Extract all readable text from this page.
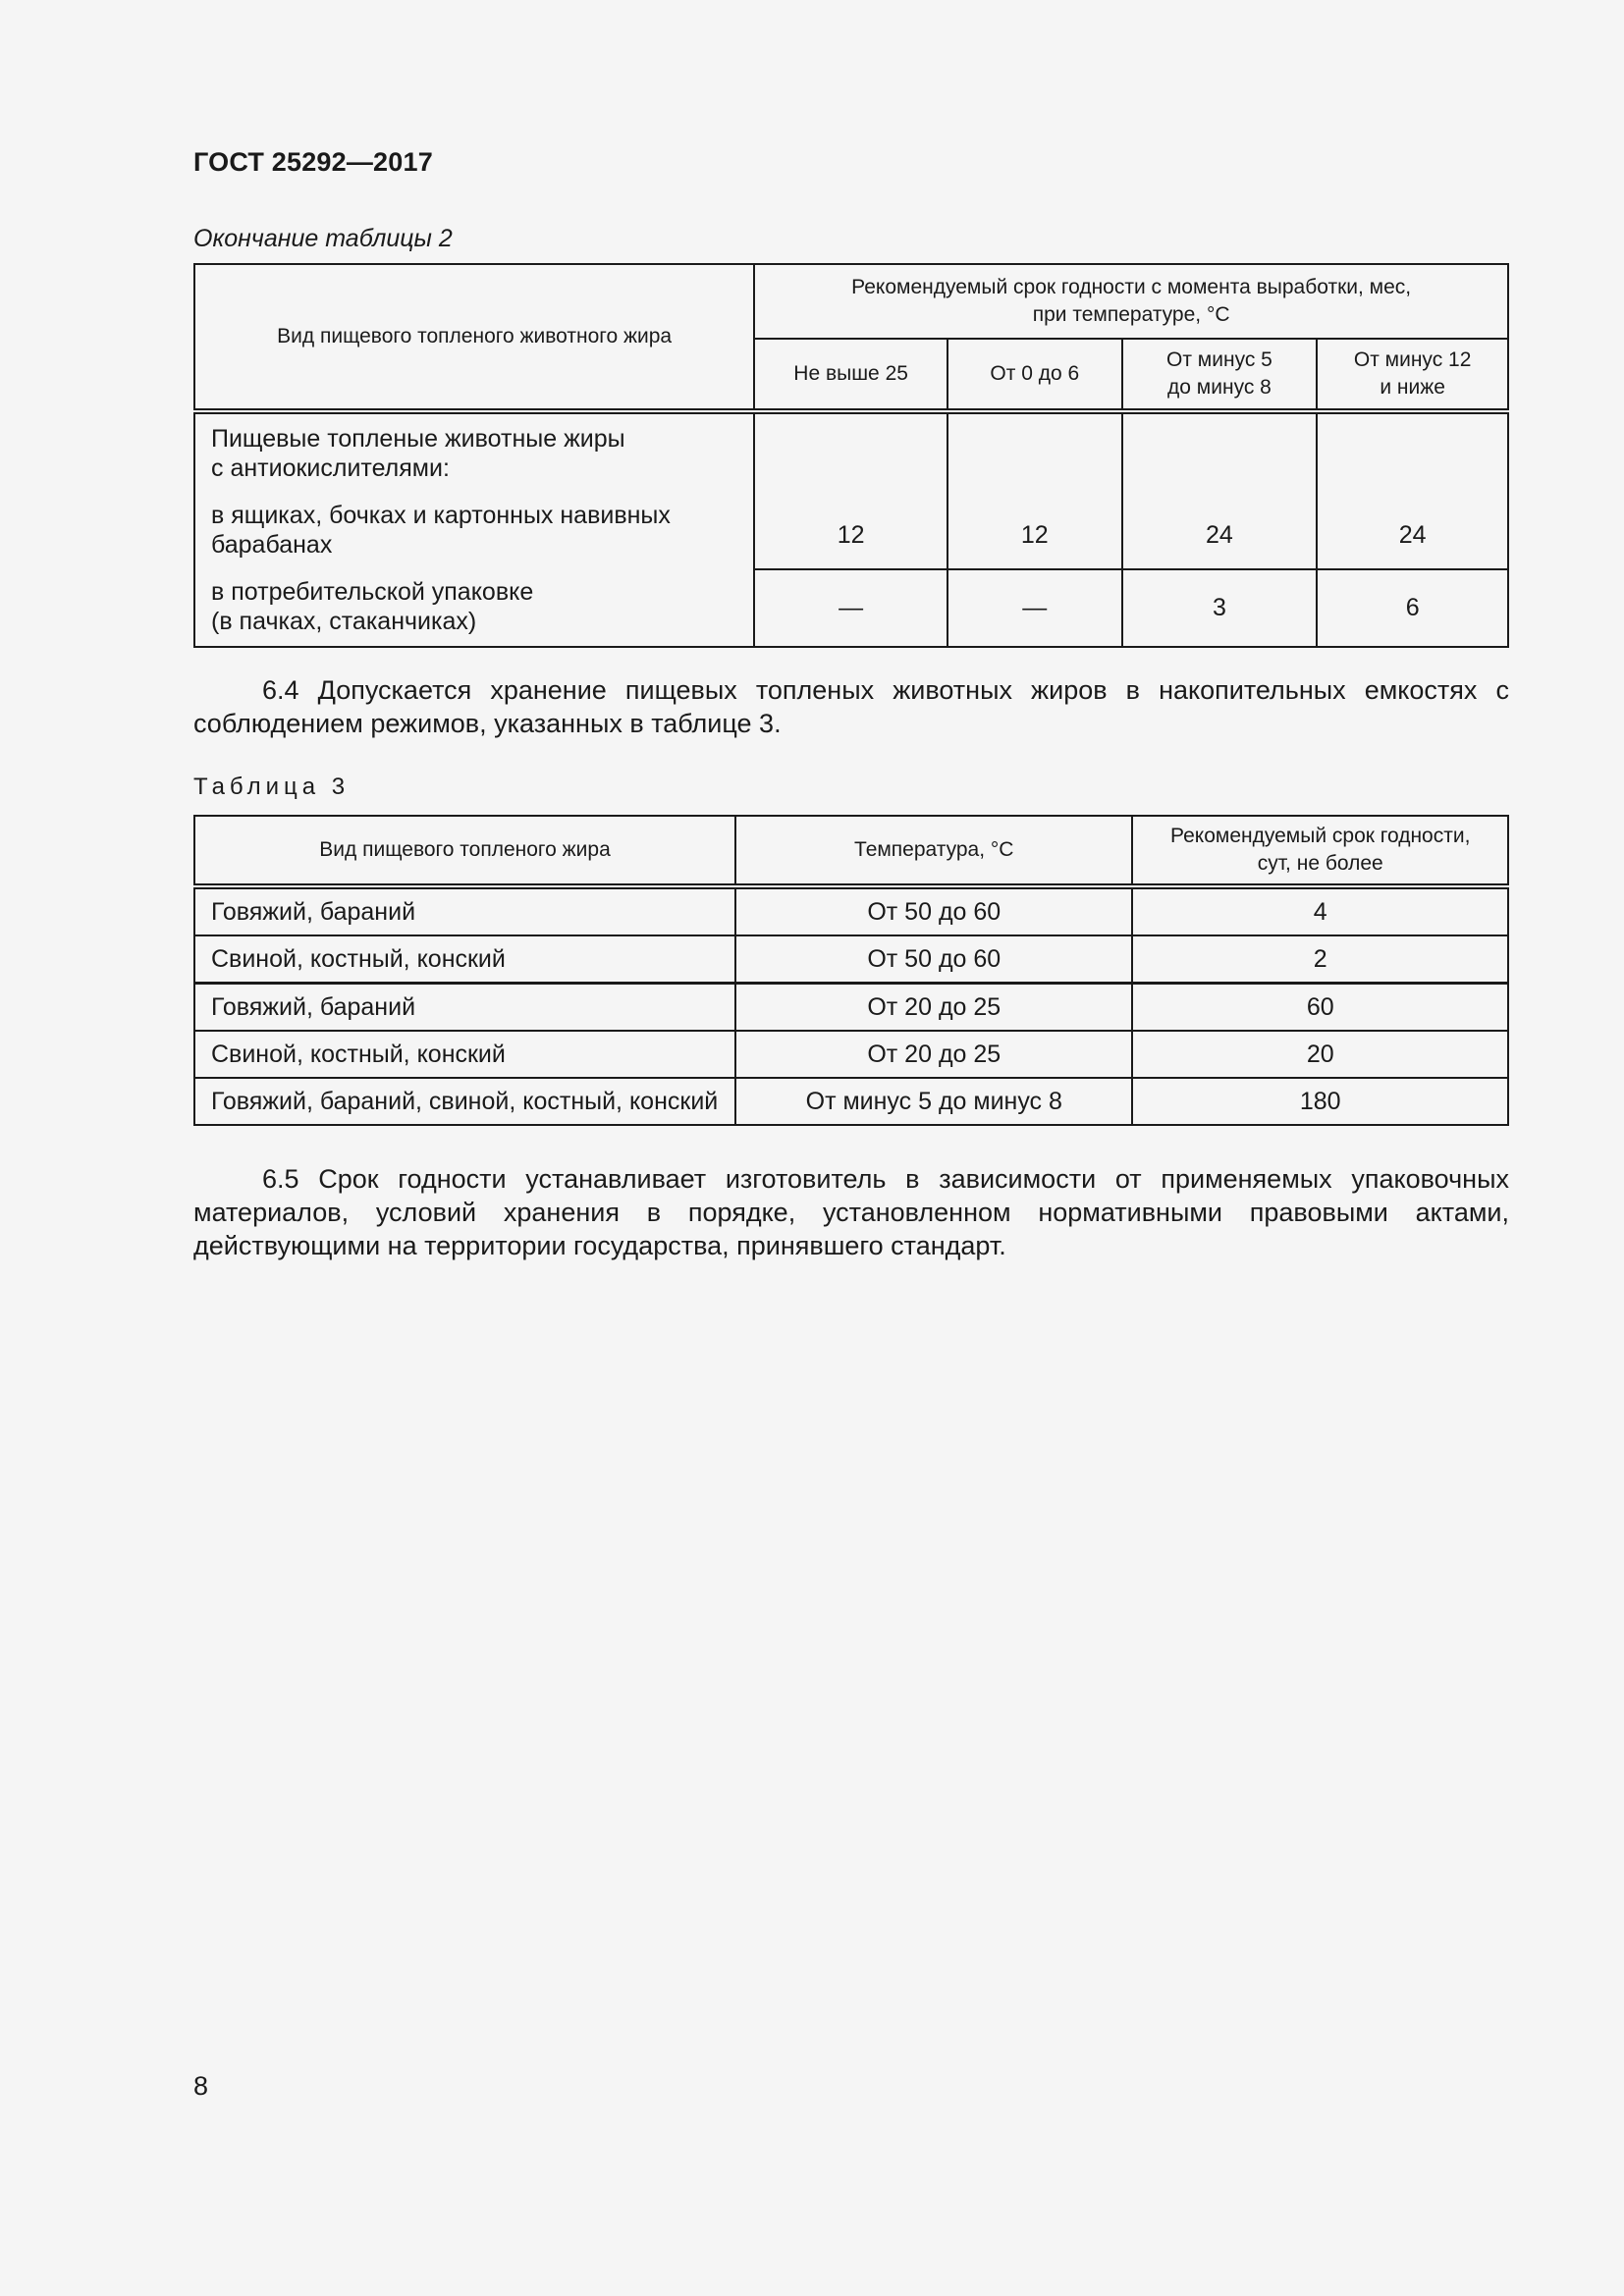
ГОСТ 25292—2017
Окончание таблицы 2
Вид пищевого топленого животного жира	Рекомендуемый срок годности с момента выработки, мес,
при температуре, °С			
	Не выше 25	От 0 до 6	От минус 5
до минус 8	От минус 12
и ниже

Пищевые топленые животные жиры
с антиокислителями:
в ящиках, бочках и картонных навивных
барабанах	12	12	24	24

в потребительской упаковке
(в пачках, стаканчиках)	—	—	3	6
6.4 Допускается хранение пищевых топленых животных жиров в накопительных емкостях с соблюдением режимов, указанных в таблице 3.
Таблица 3
Вид пищевого топленого жира	Температура, °С	Рекомендуемый срок годности,
сут, не более
Говяжий, бараний	От 50 до 60	4
Свиной, костный, конский	От 50 до 60	2
Говяжий, бараний	От 20 до 25	60
Свиной, костный, конский	От 20 до 25	20
Говяжий, бараний, свиной, костный, конский	От минус 5 до минус 8	180
6.5 Срок годности устанавливает изготовитель в зависимости от применяемых упаковочных материалов, условий хранения в порядке, установленном нормативными правовыми актами, действующими на территории государства, принявшего стандарт.
8
